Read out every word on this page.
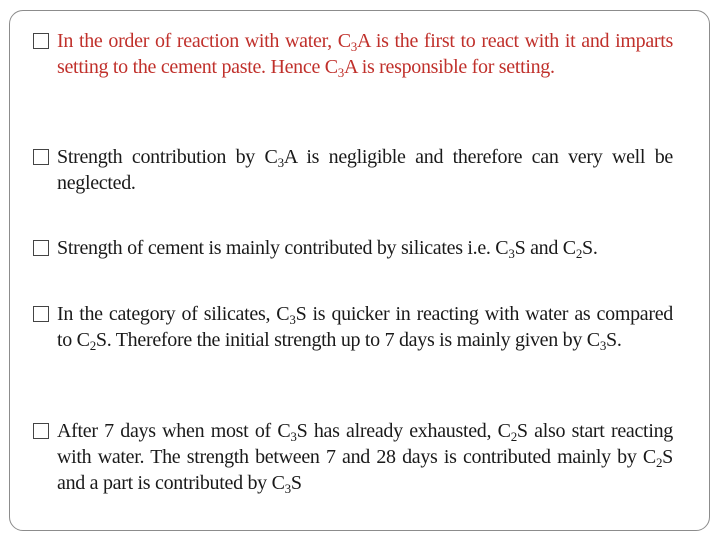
In the order of reaction with water, $C_3A$ is the first to react with it and imparts setting to the cement paste. Hence $C_3A$ is responsible for setting.
Strength contribution by $C_3A$ is negligible and therefore can very well be neglected.
Strength of cement is mainly contributed by silicates i.e. $C_3S$ and $C_2S$.
In the category of silicates, $C_3S$ is quicker in reacting with water as compared to $C_2S$. Therefore the initial strength up to 7 days is mainly given by $C_3S$.
After 7 days when most of $C_3S$ has already exhausted, $C_2S$ also start reacting with water. The strength between 7 and 28 days is contributed mainly by $C_2S$ and a part is contributed by $C_3S$
